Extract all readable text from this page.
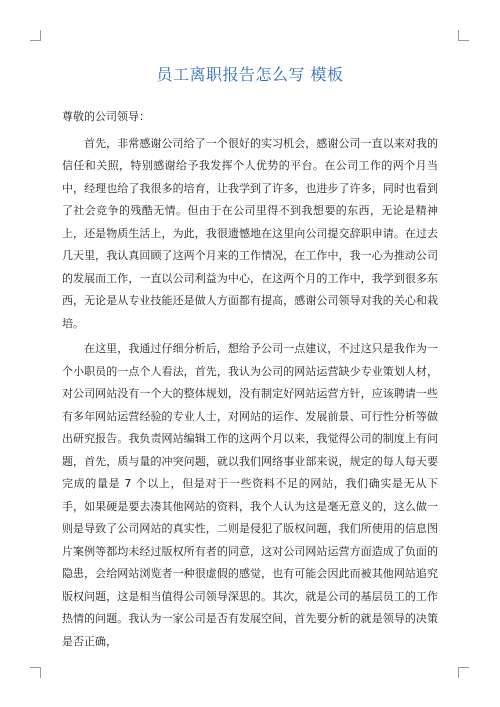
员工离职报告怎么写 模板

尊敬的公司领导：

首先，非常感谢公司给了一个很好的实习机会，感谢公司一直以来对我的信任和关照，特别感谢给予我发挥个人优势的平台。在公司工作的两个月当中，经理也给了我很多的培育，让我学到了许多，也进步了许多，同时也看到了社会竞争的残酷无情。但由于在公司里得不到我想要的东西，无论是精神上，还是物质生活上，为此，我很遗憾地在这里向公司提交辞职申请。在过去几天里，我认真回顾了这两个月来的工作情况，在工作中，我一心为推动公司的发展而工作，一直以公司利益为中心，在这两个月的工作中，我学到很多东西，无论是从专业技能还是做人方面都有提高，感谢公司领导对我的关心和栽培。

在这里，我通过仔细分析后，想给予公司一点建议，不过这只是我作为一个小职员的一点个人看法，首先，我认为公司的网站运营缺少专业策划人材，对公司网站没有一个大的整体规划，没有制定好网站运营方针，应该聘请一些有多年网站运营经验的专业人士，对网站的运作、发展前景、可行性分析等做出研究报告。我负责网站编辑工作的这两个月以来，我觉得公司的制度上有问题，首先，质与量的冲突问题，就以我们网络事业部来说，规定的每人每天要完成的量是 7 个以上，但是对于一些资料不足的网站，我们确实是无从下手，如果硬是要去凑其他网站的资料，我个人认为这是毫无意义的，这么做一则是导致了公司网站的真实性，二则是侵犯了版权问题，我们所使用的信息图片案例等都均未经过版权所有者的同意，这对公司网站运营方面造成了负面的隐患，会给网站浏览者一种很虚假的感觉，也有可能会因此而被其他网站追究版权问题，这是相当值得公司领导深思的。其次，就是公司的基层员工的工作热情的问题。我认为一家公司是否有发展空间，首先要分析的就是领导的决策是否正确，
